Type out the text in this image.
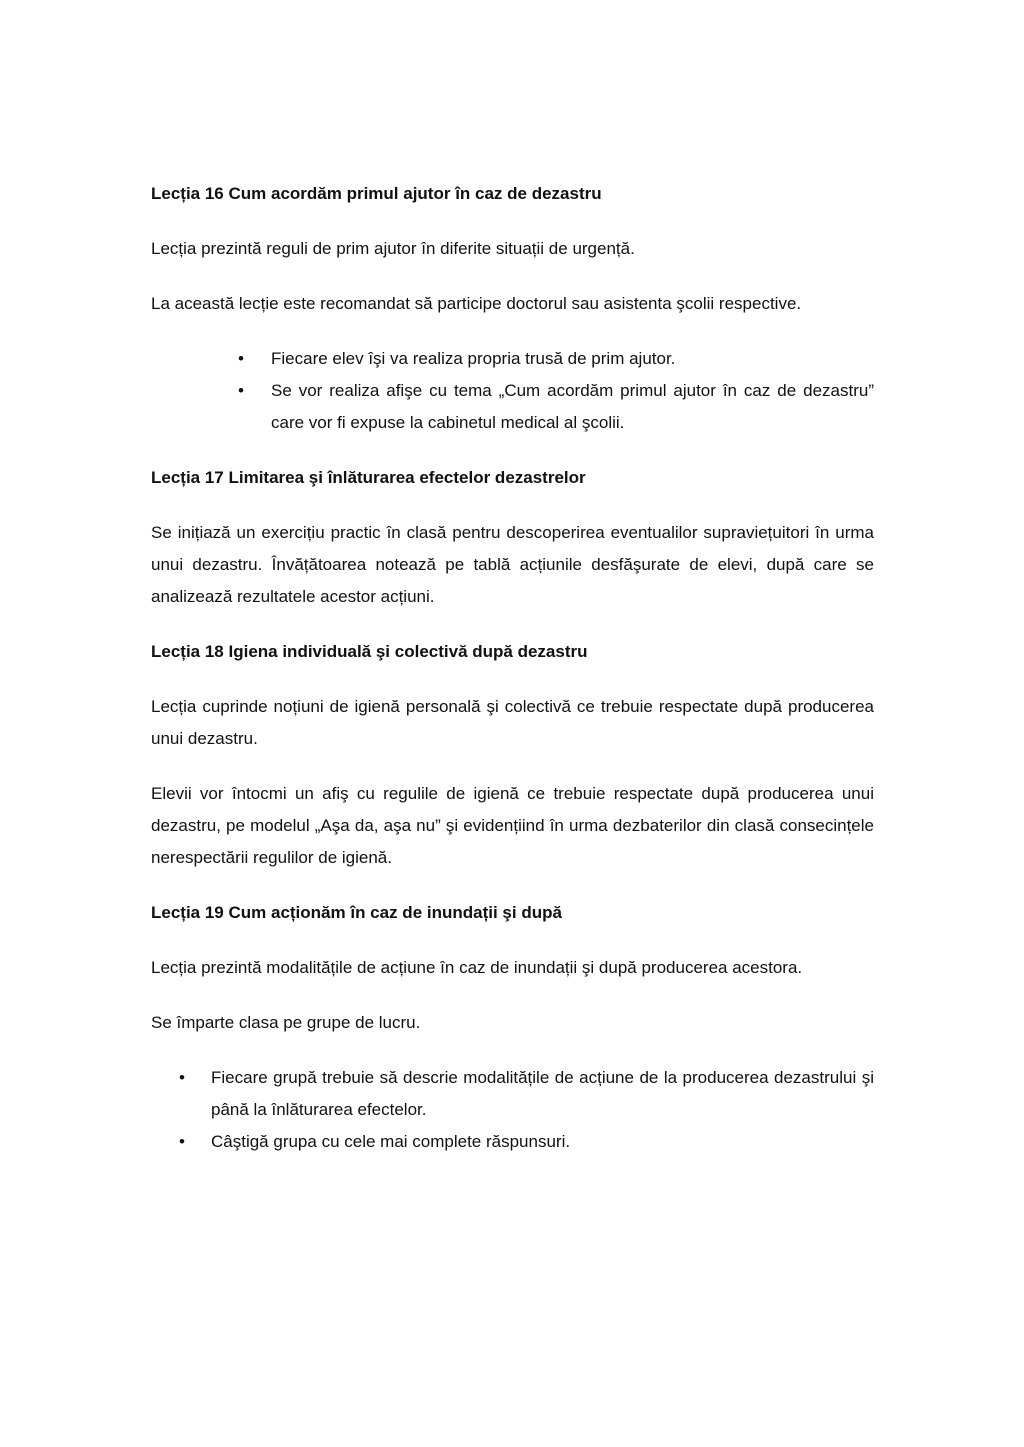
Lecția 16 Cum acordăm primul ajutor în caz de dezastru

Lecția prezintă reguli de prim ajutor în diferite situații de urgență.

La această lecție este recomandat să participe doctorul sau asistenta şcolii respective.

• Fiecare elev îşi va realiza propria trusă de prim ajutor.
• Se vor realiza afişe cu tema „Cum acordăm primul ajutor în caz de dezastru” care vor fi expuse la cabinetul medical al şcolii.

Lecția 17 Limitarea şi înlăturarea efectelor dezastrelor

Se inițiază un exercițiu practic în clasă pentru descoperirea eventualilor supraviețuitori în urma unui dezastru. Învățătoarea notează pe tablă acțiunile desfăşurate de elevi, după care se analizează rezultatele acestor acțiuni.

Lecția 18 Igiena individuală şi colectivă după dezastru

Lecția cuprinde noțiuni de igienă personală şi colectivă ce trebuie respectate după producerea unui dezastru.

Elevii vor întocmi un afiş cu regulile de igienă ce trebuie respectate după producerea unui dezastru, pe modelul „Aşa da, aşa nu” şi evidențiind în urma dezbaterilor din clasă consecințele nerespectării regulilor de igienă.

Lecția 19 Cum acționăm în caz de inundații şi după

Lecția prezintă modalitățile de acțiune în caz de inundații şi după producerea acestora.

Se împarte clasa pe grupe de lucru.

• Fiecare grupă trebuie să descrie modalitățile de acțiune de la producerea dezastrului şi până la înlăturarea efectelor.
• Câştigă grupa cu cele mai complete răspunsuri.
